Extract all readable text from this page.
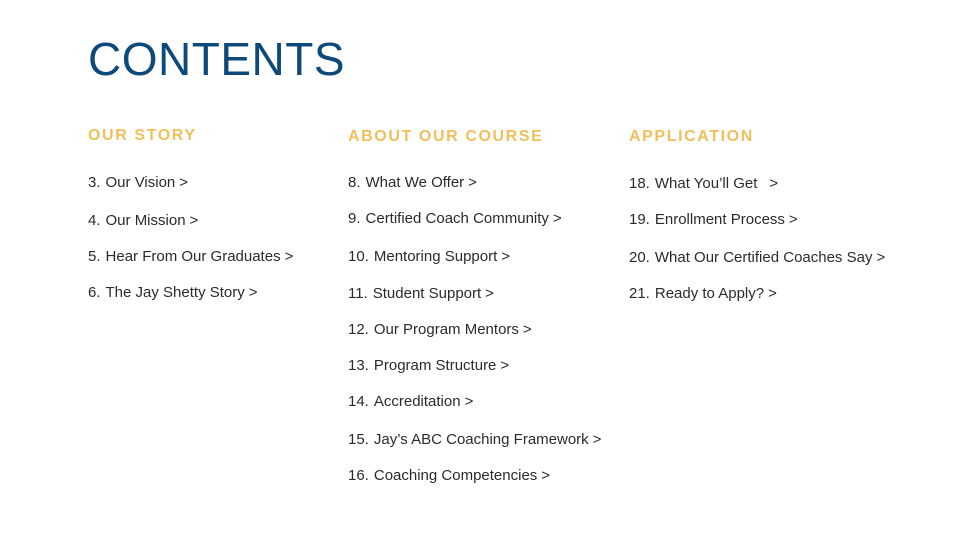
CONTENTS
OUR STORY
3. Our Vision >
4. Our Mission >
5. Hear From Our Graduates >
6. The Jay Shetty Story >
ABOUT OUR COURSE
8. What We Offer >
9. Certified Coach Community >
10. Mentoring Support >
11. Student Support >
12. Our Program Mentors >
13. Program Structure >
14. Accreditation >
15. Jay’s ABC Coaching Framework >
16. Coaching Competencies >
APPLICATION
18. What You’ll Get >
19. Enrollment Process >
20. What Our Certified Coaches Say >
21. Ready to Apply? >
